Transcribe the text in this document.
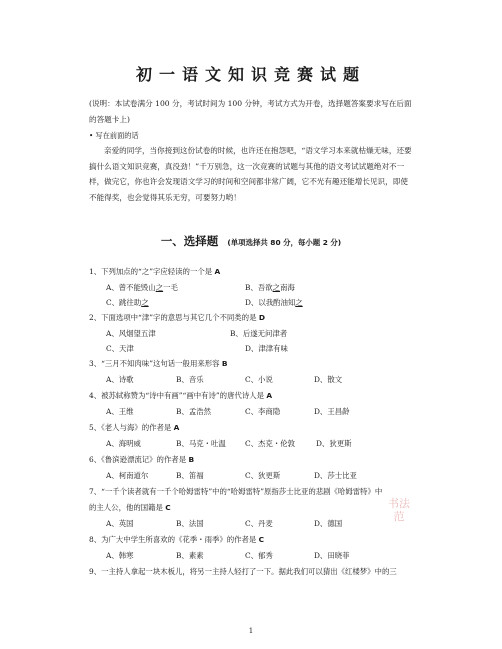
初一语文知识竞赛试题
(说明：本试卷满分 100 分，考试时间为 100 分钟，考试方式为开卷，选择题答案要求写在后面的答题卡上)
• 写在前面的话
亲爱的同学，当你接到这份试卷的时候，也许还在抱怨吧，“语文学习本来就枯燥无味，还要搞什么语文知识竞赛，真没劲！”千万别急，这一次竞赛的试题与其他的语文考试试题绝对不一样，做完它，你也许会发现语文学习的时间和空间都非常广阔，它不光有趣还能增长见识，即使不能得奖，也会觉得其乐无穷，可要努力哟！
一、选择题 (单项选择共 80 分，每小题 2 分)
1、下列加点的“之”字应轻读的一个是 A
A、曾不能毁山之一毛	B、吾欲之南海
C、跳往助之	D、以我酌油知之
2、下面选项中“津”字的意思与其它几个不同类的是 D
A、风烟望五津	B、后遂无问津者
C、天津	D、津津有味
3、“三月不知肉味”这句话一般用来形容 B
A、诗歌	B、音乐	C、小说	D、散文
4、被苏轼称赞为“诗中有画”“画中有诗”的唐代诗人是 A
A、王维	B、孟浩然	C、李商隐	D、王昌龄
5、《老人与海》的作者是 A
A、海明威	B、马克・吐温	C、杰克・伦敦	D、狄更斯
6、《鲁滨逊漂流记》的作者是 B
A、柯南道尔	B、笛福	C、狄更斯	D、莎士比亚
7、“一千个读者就有一千个哈姆雷特”中的“哈姆雷特”原指莎士比亚的悲剧《哈姆雷特》中
的主人公，他的国籍是 C
A、英国	B、法国	C、丹麦	D、德国
8、为广大中学生所喜欢的《花季・雨季》的作者是 C
A、韩寒	B、素素	C、郁秀	D、田晓菲
9、一主持人拿起一块木板儿，将另一主持人轻打了一下。据此我们可以猜出《红楼梦》中的三
书法范
1
